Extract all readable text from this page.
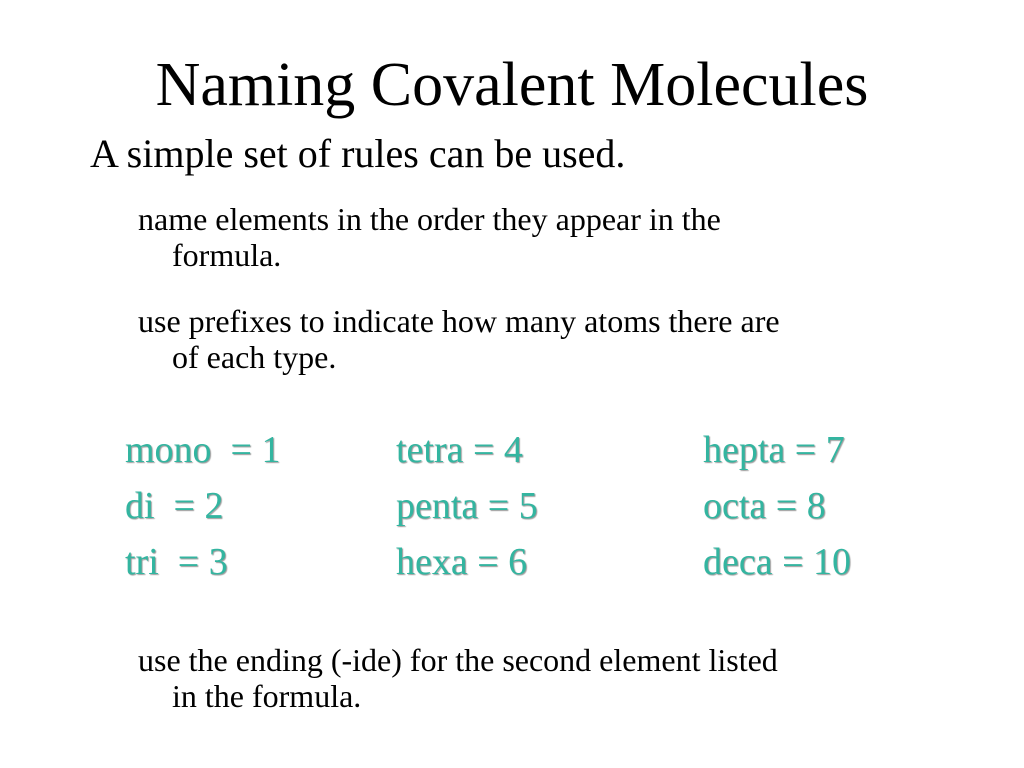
Naming Covalent Molecules
A simple set of rules can be used.
name elements in the order they appear in the
formula.
use prefixes to indicate how many atoms there are
of each type.
mono  = 1
di  = 2
tri  = 3
tetra = 4
penta = 5
hexa = 6
hepta = 7
octa = 8
deca = 10
use the ending (-ide) for the second element listed
in the formula.
